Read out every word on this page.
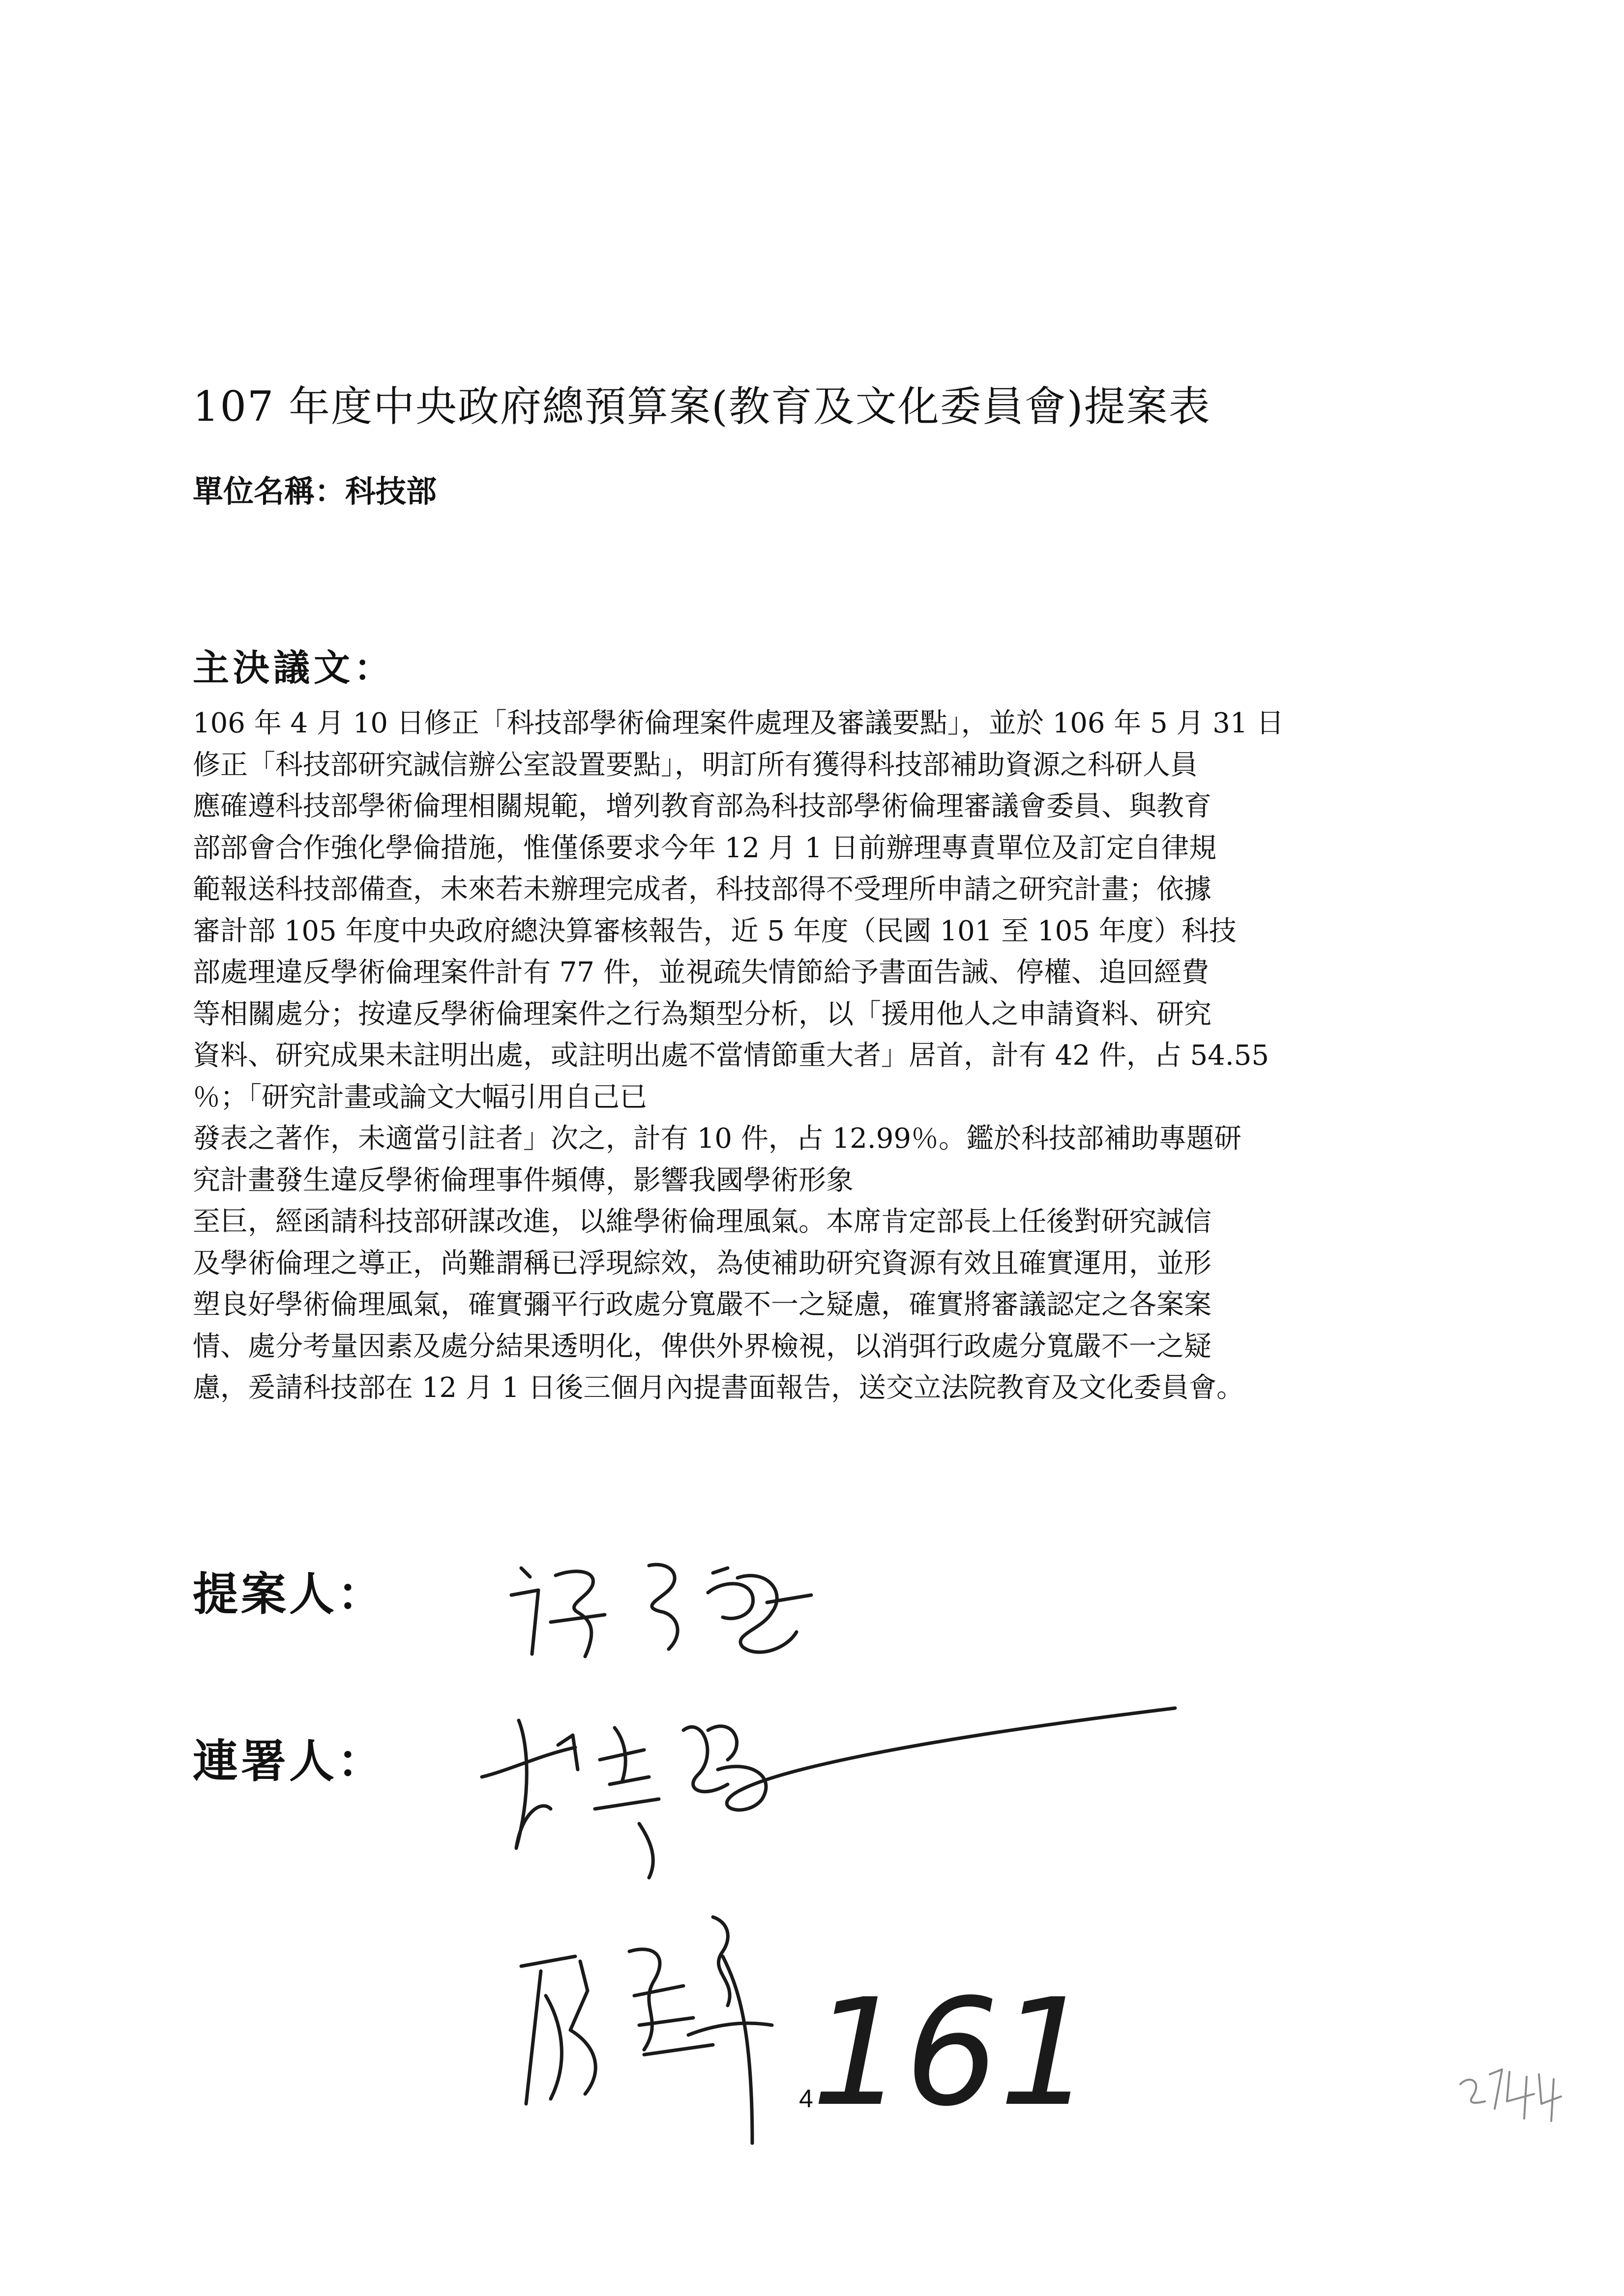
107 年度中央政府總預算案(教育及文化委員會)提案表
單位名稱：科技部
主決議文：
106 年 4 月 10 日修正「科技部學術倫理案件處理及審議要點」，並於 106 年 5 月 31 日
修正「科技部研究誠信辦公室設置要點」，明訂所有獲得科技部補助資源之科研人員
應確遵科技部學術倫理相關規範，增列教育部為科技部學術倫理審議會委員、與教育
部部會合作強化學倫措施，惟僅係要求今年 12 月 1 日前辦理專責單位及訂定自律規
範報送科技部備查，未來若未辦理完成者，科技部得不受理所申請之研究計畫；依據
審計部 105 年度中央政府總決算審核報告，近 5 年度（民國 101 至 105 年度）科技
部處理違反學術倫理案件計有 77 件，並視疏失情節給予書面告誡、停權、追回經費
等相關處分；按違反學術倫理案件之行為類型分析，以「援用他人之申請資料、研究
資料、研究成果未註明出處，或註明出處不當情節重大者」居首，計有 42 件，占 54.55
％；「研究計畫或論文大幅引用自己已
發表之著作，未適當引註者」次之，計有 10 件，占 12.99％。鑑於科技部補助專題研
究計畫發生違反學術倫理事件頻傳，影響我國學術形象
至巨，經函請科技部研謀改進，以維學術倫理風氣。本席肯定部長上任後對研究誠信
及學術倫理之導正，尚難謂稱已浮現綜效，為使補助研究資源有效且確實運用，並形
塑良好學術倫理風氣，確實彌平行政處分寬嚴不一之疑慮，確實將審議認定之各案案
情、處分考量因素及處分結果透明化，俾供外界檢視，以消弭行政處分寬嚴不一之疑
慮，爰請科技部在 12 月 1 日後三個月內提書面報告，送交立法院教育及文化委員會。
提案人：
連署人：
161
4
